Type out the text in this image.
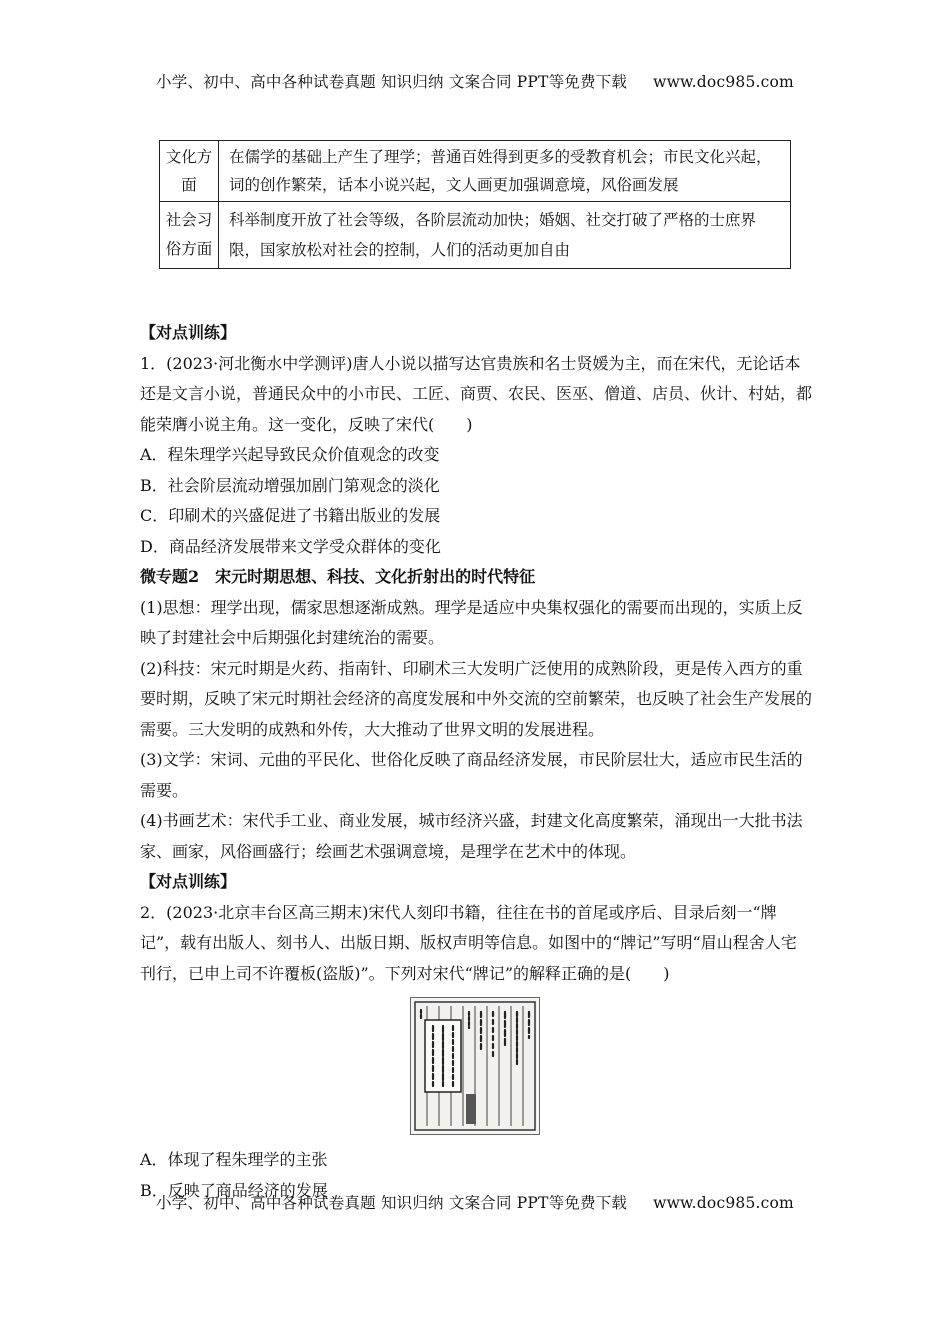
小学、初中、高中各种试卷真题 知识归纳 文案合同 PPT等免费下载 www.doc985.com
文化方面	在儒学的基础上产生了理学；普通百姓得到更多的受教育机会；市民文化兴起，词的创作繁荣，话本小说兴起，文人画更加强调意境，风俗画发展
社会习俗方面	科举制度开放了社会等级，各阶层流动加快；婚姻、社交打破了严格的士庶界限，国家放松对社会的控制，人们的活动更加自由

【对点训练】

1．(2023·河北衡水中学测评)唐人小说以描写达官贵族和名士贤媛为主，而在宋代，无论话本还是文言小说，普通民众中的小市民、工匠、商贾、农民、医巫、僧道、店员、伙计、村姑，都能荣膺小说主角。这一变化，反映了宋代(　　)

A．程朱理学兴起导致民众价值观念的改变

B．社会阶层流动增强加剧门第观念的淡化

C．印刷术的兴盛促进了书籍出版业的发展

D．商品经济发展带来文学受众群体的变化

微专题2　宋元时期思想、科技、文化折射出的时代特征

(1)思想：理学出现，儒家思想逐渐成熟。理学是适应中央集权强化的需要而出现的，实质上反映了封建社会中后期强化封建统治的需要。

(2)科技：宋元时期是火药、指南针、印刷术三大发明广泛使用的成熟阶段，更是传入西方的重要时期，反映了宋元时期社会经济的高度发展和中外交流的空前繁荣，也反映了社会生产发展的需要。三大发明的成熟和外传，大大推动了世界文明的发展进程。

(3)文学：宋词、元曲的平民化、世俗化反映了商品经济发展，市民阶层壮大，适应市民生活的需要。

(4)书画艺术：宋代手工业、商业发展，城市经济兴盛，封建文化高度繁荣，涌现出一大批书法家、画家，风俗画盛行；绘画艺术强调意境，是理学在艺术中的体现。

【对点训练】

2．(2023·北京丰台区高三期末)宋代人刻印书籍，往往在书的首尾或序后、目录后刻一“牌记”，载有出版人、刻书人、出版日期、版权声明等信息。如图中的“牌记”写明“眉山程舍人宅刊行，已申上司不许覆板(盗版)”。下列对宋代“牌记”的解释正确的是(　　)

A．体现了程朱理学的主张

B．反映了商品经济的发展

小学、初中、高中各种试卷真题 知识归纳 文案合同 PPT等免费下载 www.doc985.com
